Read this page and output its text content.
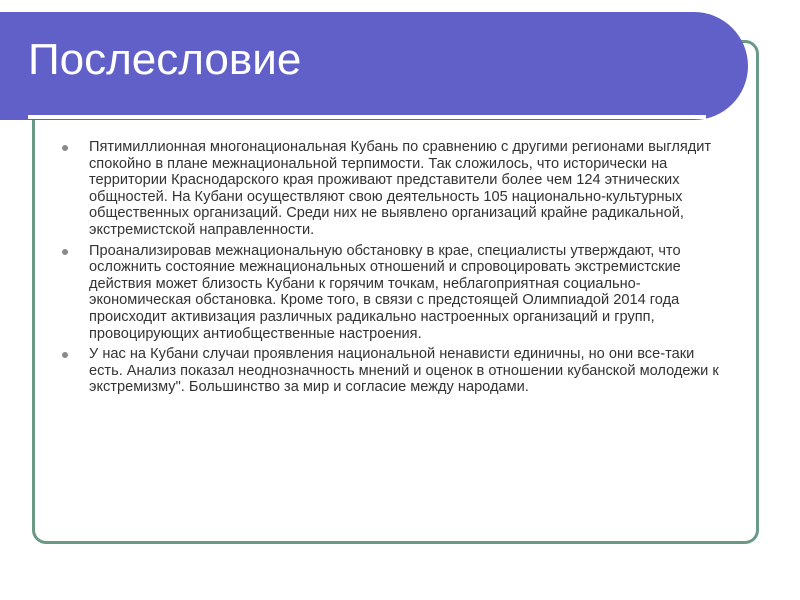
Послесловие
Пятимиллионная многонациональная Кубань по сравнению с другими регионами выглядит спокойно в плане межнациональной терпимости. Так сложилось, что исторически на территории Краснодарского края проживают представители более чем 124 этнических общностей. На Кубани осуществляют свою деятельность 105 национально-культурных общественных организаций. Среди них не выявлено организаций крайне радикальной, экстремистской направленности.
Проанализировав межнациональную обстановку в крае, специалисты утверждают, что осложнить состояние межнациональных отношений и спровоцировать экстремистские действия может близость Кубани к горячим точкам, неблагоприятная социально-экономическая обстановка. Кроме того, в связи с предстоящей Олимпиадой 2014 года происходит активизация различных радикально настроенных организаций и групп, провоцирующих антиобщественные настроения.
У нас на Кубани случаи проявления национальной ненависти единичны, но они все-таки есть. Анализ показал неоднозначность мнений и оценок в отношении кубанской молодежи к экстремизму". Большинство за мир и согласие между народами.
